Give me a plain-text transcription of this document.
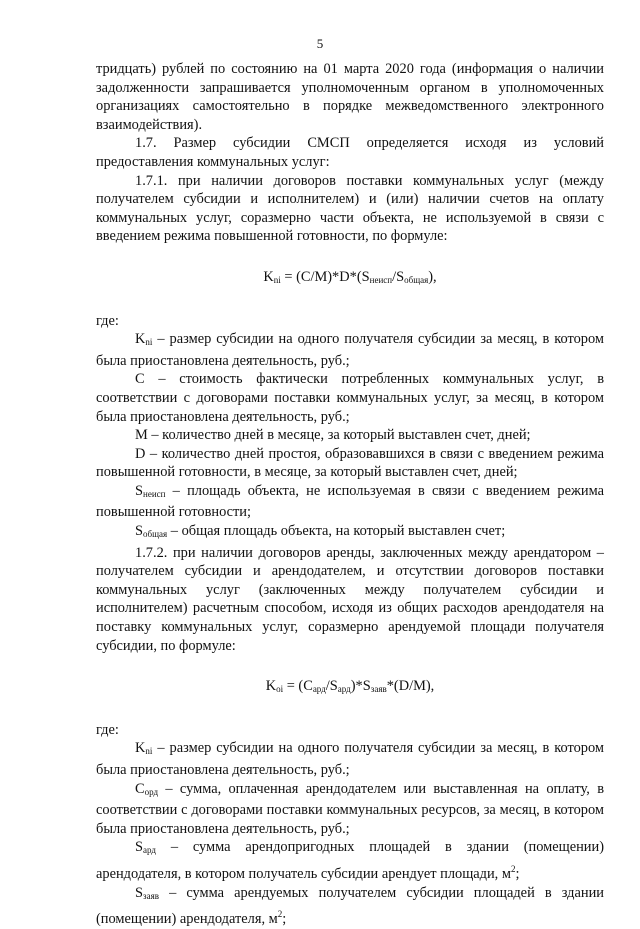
5

тридцать) рублей по состоянию на 01 марта 2020 года (информация о наличии задолженности запрашивается уполномоченным органом в уполномоченных организациях самостоятельно в порядке межведомственного электронного взаимодействия).

1.7. Размер субсидии СМСП определяется исходя из условий предоставления коммунальных услуг:

1.7.1. при наличии договоров поставки коммунальных услуг (между получателем субсидии и исполнителем) и (или) наличии счетов на оплату коммунальных услуг, соразмерно части объекта, не используемой в связи с введением режима повышенной готовности, по формуле:

$K_{ni} = (C/M)*D*(S_{неисп}/S_{общая})$,

где:

$K_{ni}$ – размер субсидии на одного получателя субсидии за месяц, в котором была приостановлена деятельность, руб.;

С – стоимость фактически потребленных коммунальных услуг, в соответствии с договорами поставки коммунальных услуг, за месяц, в котором была приостановлена деятельность, руб.;

М – количество дней в месяце, за который выставлен счет, дней;

D – количество дней простоя, образовавшихся в связи с введением режима повышенной готовности, в месяце, за который выставлен счет, дней;

$S_{неисп}$ – площадь объекта, не используемая в связи с введением режима повышенной готовности;

$S_{общая}$ – общая площадь объекта, на который выставлен счет;

1.7.2. при наличии договоров аренды, заключенных между арендатором – получателем субсидии и арендодателем, и отсутствии договоров поставки коммунальных услуг (заключенных между получателем субсидии и исполнителем) расчетным способом, исходя из общих расходов арендодателя на поставку коммунальных услуг, соразмерно арендуемой площади получателя субсидии, по формуле:

$K_{oi} = (C_{ард}/S_{ард})*S_{заяв}*(D/M)$,

где:

$K_{ni}$ – размер субсидии на одного получателя субсидии за месяц, в котором была приостановлена деятельность, руб.;

$C_{орд}$ – сумма, оплаченная арендодателем или выставленная на оплату, в соответствии с договорами поставки коммунальных ресурсов, за месяц, в котором была приостановлена деятельность, руб.;

$S_{ард}$ – сумма арендопригодных площадей в здании (помещении) арендодателя, в котором получатель субсидии арендует площади, $м^2$;

$S_{заяв}$ – сумма арендуемых получателем субсидии площадей в здании (помещении) арендодателя, $м^2$;
